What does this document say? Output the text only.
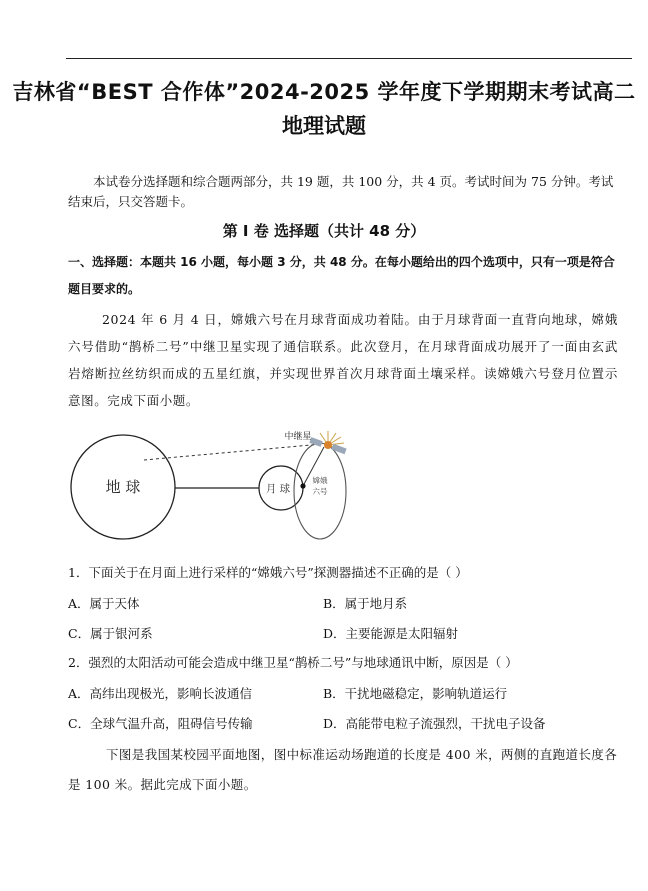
吉林省“BEST 合作体”2024-2025 学年度下学期期末考试高二
地理试题
本试卷分选择题和综合题两部分，共 19 题，共 100 分，共 4 页。考试时间为 75 分钟。考试结束后，只交答题卡。
第 Ⅰ 卷 选择题（共计 48 分）
一、选择题：本题共 16 小题，每小题 3 分，共 48 分。在每小题给出的四个选项中，只有一项是符合题目要求的。
2024 年 6 月 4 日，嫦娥六号在月球背面成功着陆。由于月球背面一直背向地球，嫦娥六号借助“鹊桥二号”中继卫星实现了通信联系。此次登月，在月球背面成功展开了一面由玄武岩熔断拉丝纺织而成的五星红旗，并实现世界首次月球背面土壤采样。读嫦娥六号登月位置示意图。完成下面小题。
地 球	月 球
嫦娥
六号
中继星
1．下面关于在月面上进行采样的“嫦娥六号”探测器描述不正确的是（ ）
A．属于天体	B．属于地月系
C．属于银河系	D．主要能源是太阳辐射
2．强烈的太阳活动可能会造成中继卫星“鹊桥二号”与地球通讯中断，原因是（ ）
A．高纬出现极光，影响长波通信	B．干扰地磁稳定，影响轨道运行
C．全球气温升高，阻碍信号传输	D．高能带电粒子流强烈，干扰电子设备
下图是我国某校园平面地图，图中标准运动场跑道的长度是 400 米，两侧的直跑道长度各是 100 米。据此完成下面小题。
